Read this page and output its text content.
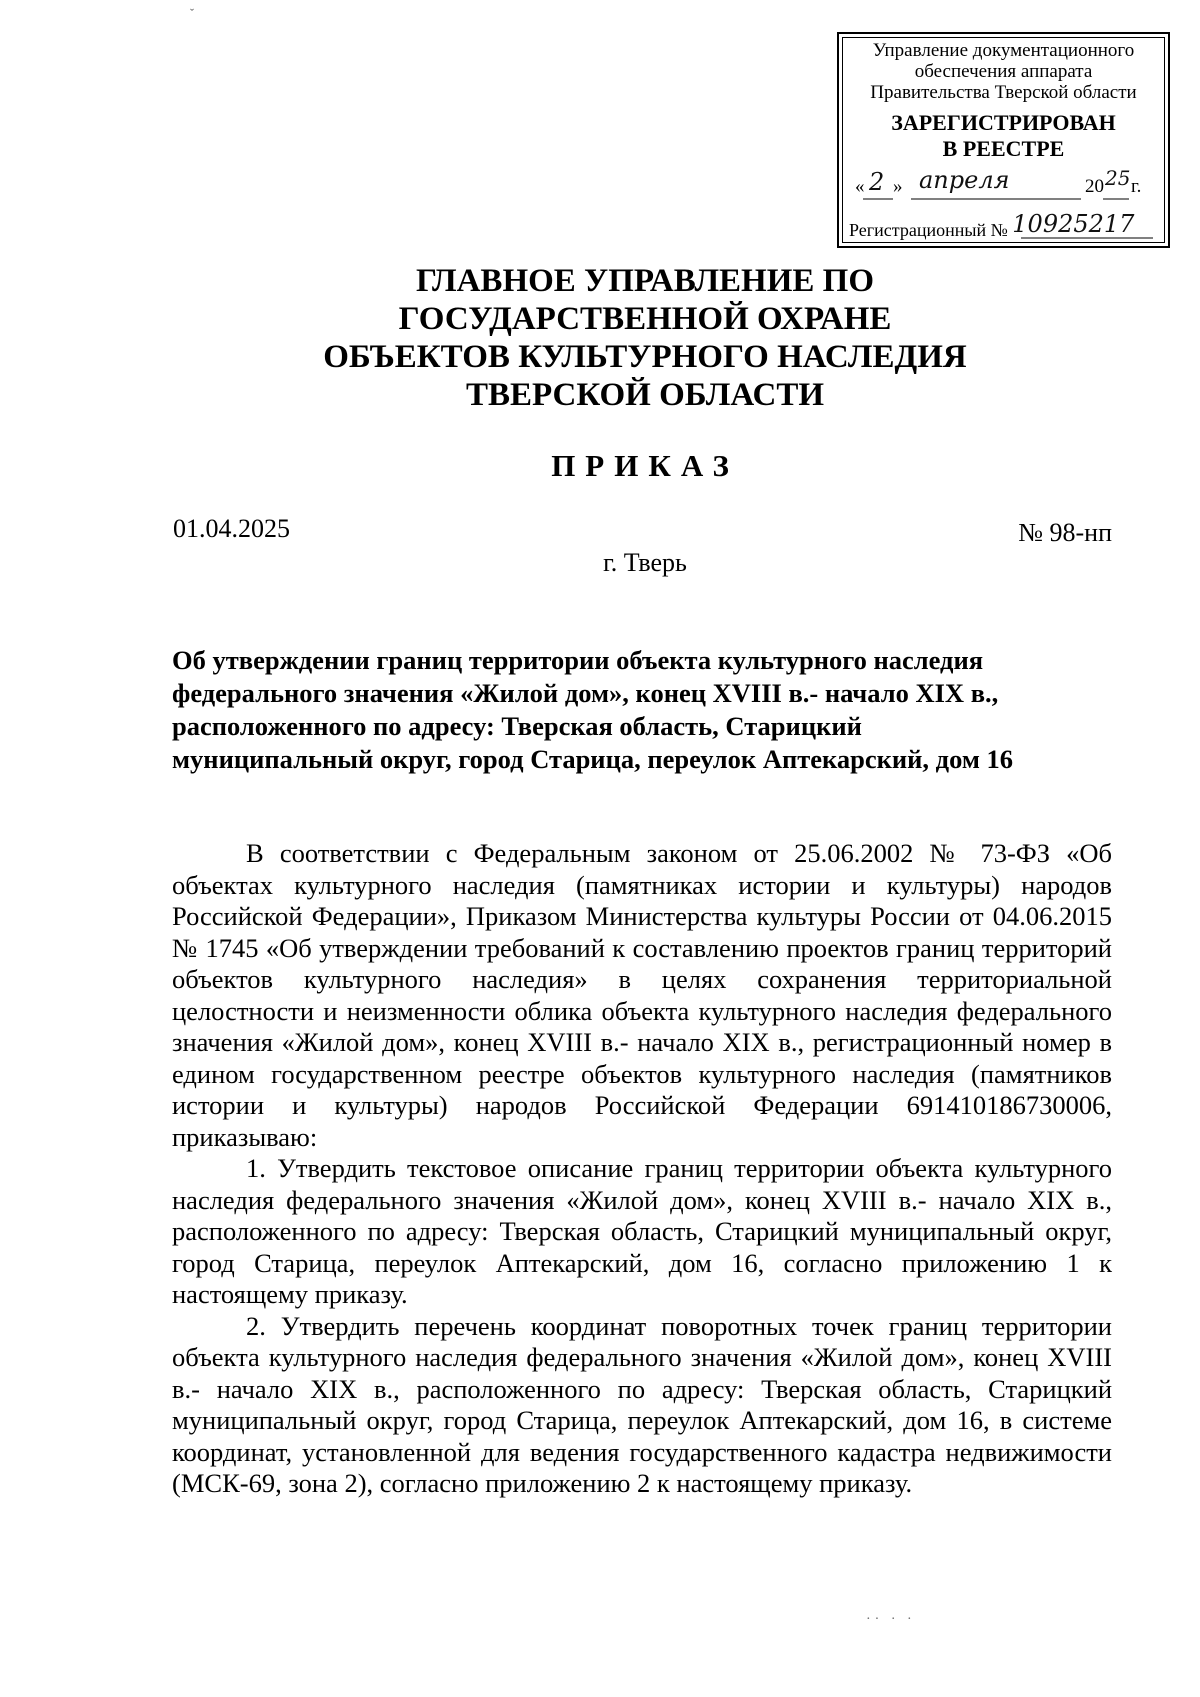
ˇ
Управление документационного
обеспечения аппарата
Правительства Тверской области
ЗАРЕГИСТРИРОВАН
В РЕЕСТРЕ
« 2 » апреля	20 25 г.
Регистрационный № 10925217
ГЛАВНОЕ УПРАВЛЕНИЕ ПО
ГОСУДАРСТВЕННОЙ ОХРАНЕ
ОБЪЕКТОВ КУЛЬТУРНОГО НАСЛЕДИЯ
ТВЕРСКОЙ ОБЛАСТИ
ПРИКАЗ
01.04.2025	№ 98-нп
г. Тверь
Об утверждении границ территории объекта культурного наследия
федерального значения «Жилой дом», конец XVIII в.- начало XIX в.,
расположенного по адресу: Тверская область, Старицкий
муниципальный округ, город Старица, переулок Аптекарский, дом 16

В соответствии с Федеральным законом от 25.06.2002 № 73-ФЗ «Об объектах культурного наследия (памятниках истории и культуры) народов Российской Федерации», Приказом Министерства культуры России от 04.06.2015 № 1745 «Об утверждении требований к составлению проектов границ территорий объектов культурного наследия» в целях сохранения территориальной целостности и неизменности облика объекта культурного наследия федерального значения «Жилой дом», конец XVIII в.- начало XIX в., регистрационный номер в едином государственном реестре объектов культурного наследия (памятников истории и культуры) народов Российской Федерации 691410186730006, приказываю:

1. Утвердить текстовое описание границ территории объекта культурного наследия федерального значения «Жилой дом», конец XVIII в.- начало XIX в., расположенного по адресу: Тверская область, Старицкий муниципальный округ, город Старица, переулок Аптекарский, дом 16, согласно приложению 1 к настоящему приказу.

2. Утвердить перечень координат поворотных точек границ территории объекта культурного наследия федерального значения «Жилой дом», конец XVIII в.- начало XIX в., расположенного по адресу: Тверская область, Старицкий муниципальный округ, город Старица, переулок Аптекарский, дом 16, в системе координат, установленной для ведения государственного кадастра недвижимости (МСК-69, зона 2), согласно приложению 2 к настоящему приказу.

·· · ·
